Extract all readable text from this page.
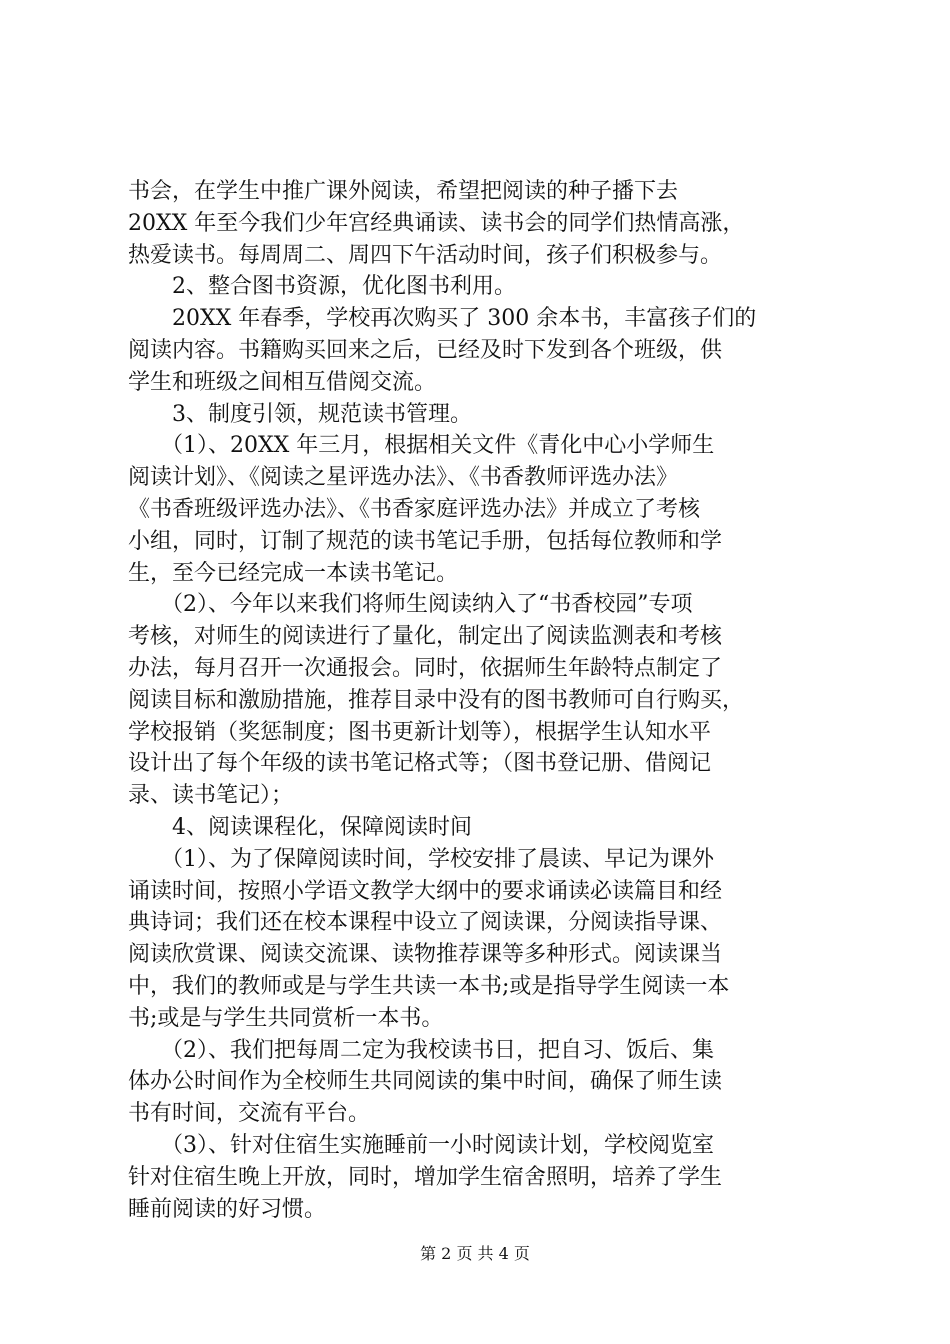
书会，在学生中推广课外阅读，希望把阅读的种子播下去
20XX 年至今我们少年宫经典诵读、读书会的同学们热情高涨，
热爱读书。每周周二、周四下午活动时间，孩子们积极参与。
　　2、整合图书资源，优化图书利用。
　　20XX 年春季，学校再次购买了 300 余本书，丰富孩子们的
阅读内容。书籍购买回来之后，已经及时下发到各个班级，供
学生和班级之间相互借阅交流。
　　3、制度引领，规范读书管理。
　　（1）、20XX 年三月，根据相关文件《青化中心小学师生
阅读计划》、《阅读之星评选办法》、《书香教师评选办法》
《书香班级评选办法》、《书香家庭评选办法》并成立了考核
小组，同时，订制了规范的读书笔记手册，包括每位教师和学
生，至今已经完成一本读书笔记。
　　（2）、今年以来我们将师生阅读纳入了“书香校园”专项
考核，对师生的阅读进行了量化，制定出了阅读监测表和考核
办法，每月召开一次通报会。同时，依据师生年龄特点制定了
阅读目标和激励措施，推荐目录中没有的图书教师可自行购买，
学校报销（奖惩制度；图书更新计划等），根据学生认知水平
设计出了每个年级的读书笔记格式等；（图书登记册、借阅记
录、读书笔记）；
　　4、阅读课程化，保障阅读时间
　　（1）、为了保障阅读时间，学校安排了晨读、早记为课外
诵读时间，按照小学语文教学大纲中的要求诵读必读篇目和经
典诗词；我们还在校本课程中设立了阅读课，分阅读指导课、
阅读欣赏课、阅读交流课、读物推荐课等多种形式。阅读课当
中，我们的教师或是与学生共读一本书;或是指导学生阅读一本
书;或是与学生共同赏析一本书。
　　（2）、我们把每周二定为我校读书日，把自习、饭后、集
体办公时间作为全校师生共同阅读的集中时间，确保了师生读
书有时间，交流有平台。
　　（3）、针对住宿生实施睡前一小时阅读计划，学校阅览室
针对住宿生晚上开放，同时，增加学生宿舍照明，培养了学生
睡前阅读的好习惯。
第 2 页 共 4 页
